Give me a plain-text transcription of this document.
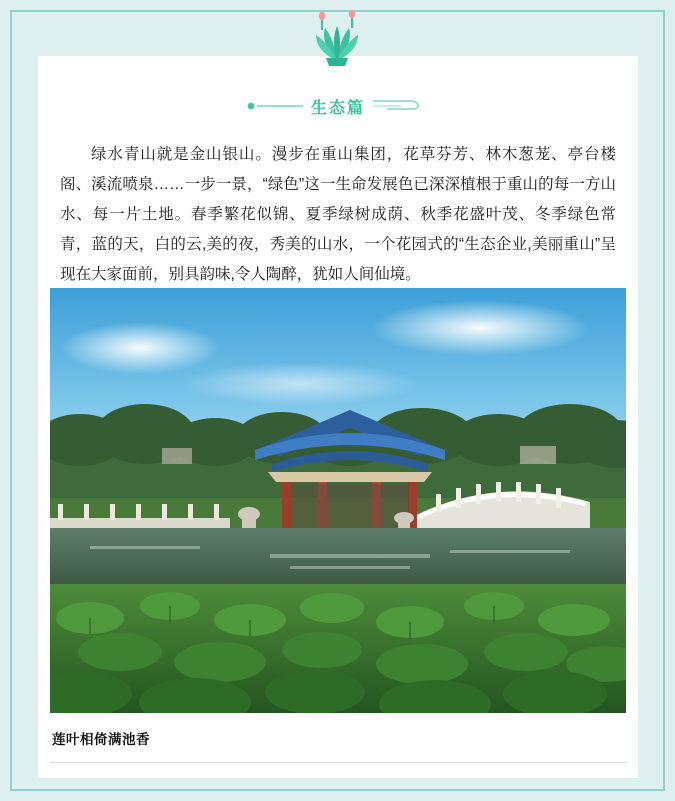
生态篇
绿水青山就是金山银山。漫步在重山集团，花草芬芳、林木葱茏、亭台楼阁、溪流喷泉……一步一景，“绿色”这一生命发展色已深深植根于重山的每一方山水、每一片土地。春季繁花似锦、夏季绿树成荫、秋季花盛叶茂、冬季绿色常青，蓝的天，白的云,美的夜，秀美的山水，一个花园式的“生态企业,美丽重山”呈现在大家面前，别具韵味,令人陶醉，犹如人间仙境。
莲叶相倚满池香
